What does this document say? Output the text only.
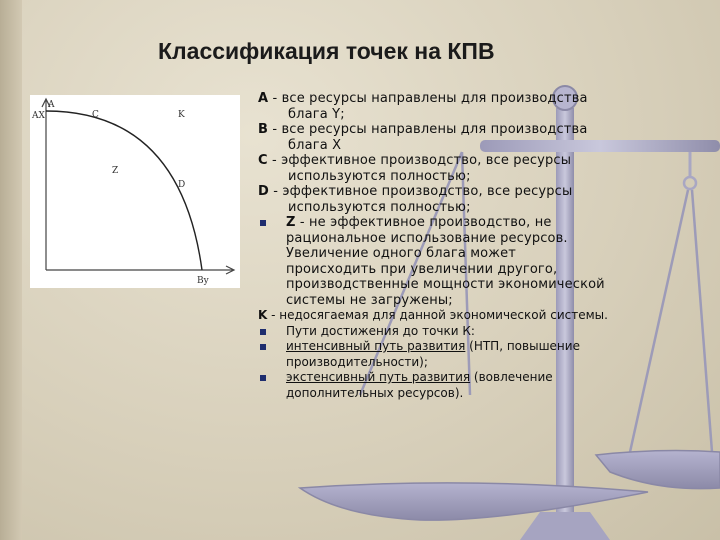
Классификация точек на КПВ
AX
A
C	K
Z
D
By
A - все ресурсы направлены для производства
блага Y;
B - все ресурсы направлены для производства
блага X
C - эффективное производство, все ресурсы
используются полностью;
D - эффективное производство, все ресурсы
используются полностью;
Z - не эффективное производство, не
рациональное использование ресурсов.
Увеличение одного блага может
происходить при увеличении другого,
производственные мощности экономической
системы не загружены;
K - недосягаемая для данной экономической системы.
Пути достижения до точки К:
интенсивный путь развития (НТП, повышение
производительности);
экстенсивный путь развития (вовлечение
дополнительных ресурсов).
